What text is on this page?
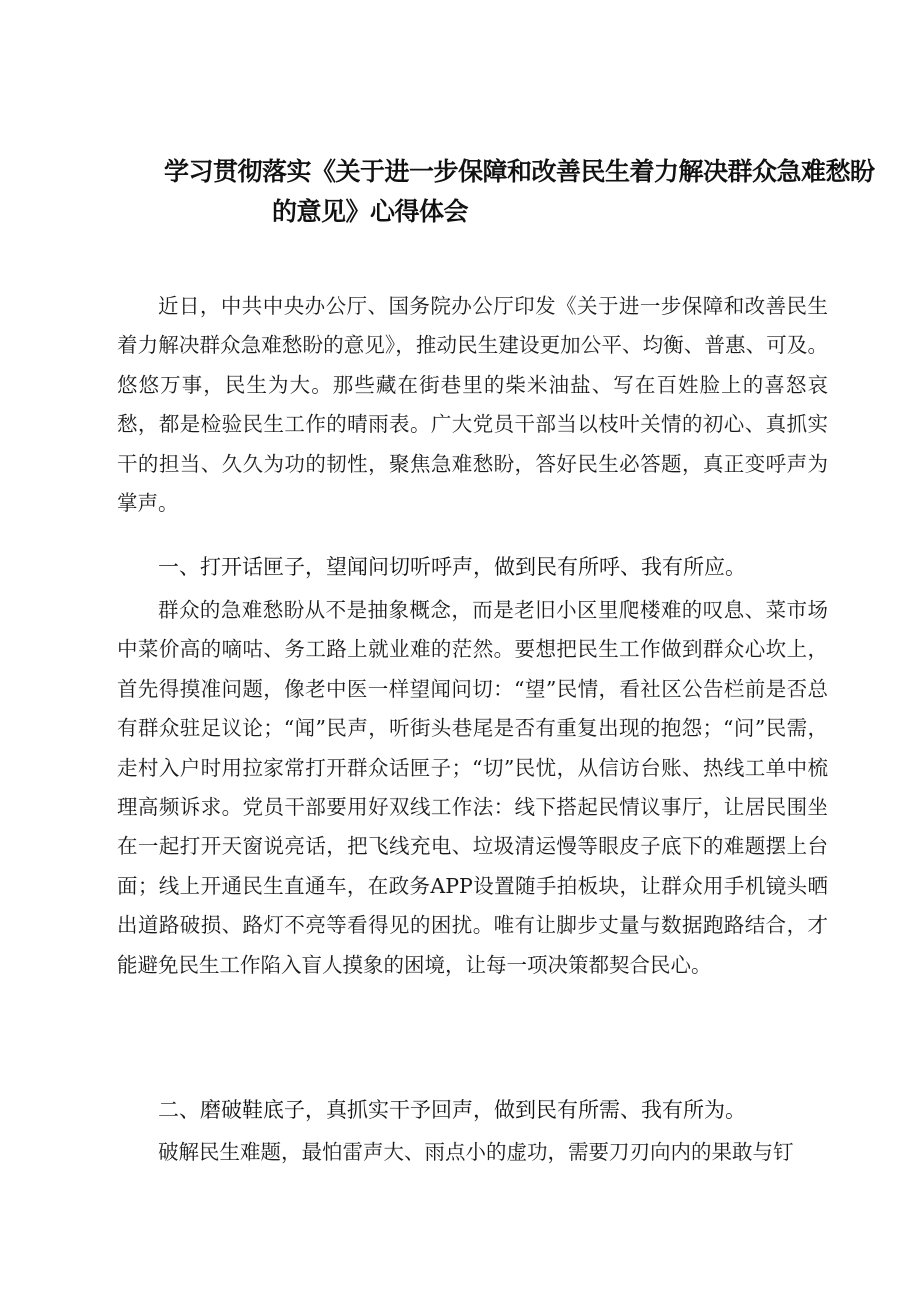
学习贯彻落实《关于进一步保障和改善民生着力解决群众急难愁盼
的意见》心得体会

近日，中共中央办公厅、国务院办公厅印发《关于进一步保障和改善民生着力解决群众急难愁盼的意见》，推动民生建设更加公平、均衡、普惠、可及。悠悠万事，民生为大。那些藏在街巷里的柴米油盐、写在百姓脸上的喜怒哀愁，都是检验民生工作的晴雨表。广大党员干部当以枝叶关情的初心、真抓实干的担当、久久为功的韧性，聚焦急难愁盼，答好民生必答题，真正变呼声为掌声。

一、打开话匣子，望闻问切听呼声，做到民有所呼、我有所应。

群众的急难愁盼从不是抽象概念，而是老旧小区里爬楼难的叹息、菜市场中菜价高的嘀咕、务工路上就业难的茫然。要想把民生工作做到群众心坎上，首先得摸准问题，像老中医一样望闻问切：“望”民情，看社区公告栏前是否总有群众驻足议论；“闻”民声，听街头巷尾是否有重复出现的抱怨；“问”民需，走村入户时用拉家常打开群众话匣子；“切”民忧，从信访台账、热线工单中梳理高频诉求。党员干部要用好双线工作法：线下搭起民情议事厅，让居民围坐在一起打开天窗说亮话，把飞线充电、垃圾清运慢等眼皮子底下的难题摆上台面；线上开通民生直通车，在政务APP设置随手拍板块，让群众用手机镜头晒出道路破损、路灯不亮等看得见的困扰。唯有让脚步丈量与数据跑路结合，才能避免民生工作陷入盲人摸象的困境，让每一项决策都契合民心。

二、磨破鞋底子，真抓实干予回声，做到民有所需、我有所为。

破解民生难题，最怕雷声大、雨点小的虚功，需要刀刃向内的果敢与钉
